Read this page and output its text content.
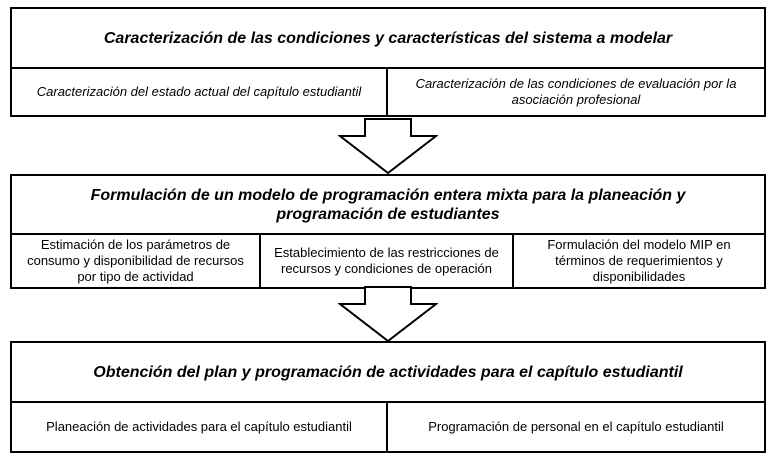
Caracterización de las condiciones y características del sistema a modelar
Caracterización del estado actual del capítulo estudiantil
Caracterización de las condiciones de evaluación por la asociación profesional
Formulación de un modelo de programación entera mixta para la planeación y
programación de estudiantes
Estimación de los parámetros de consumo y disponibilidad de recursos por tipo de actividad
Establecimiento de las restricciones de recursos y condiciones de operación
Formulación del modelo MIP en términos de requerimientos y disponibilidades
Obtención del plan y programación de actividades para el capítulo estudiantil
Planeación de actividades para el capítulo estudiantil	Programación de personal en el capítulo estudiantil
